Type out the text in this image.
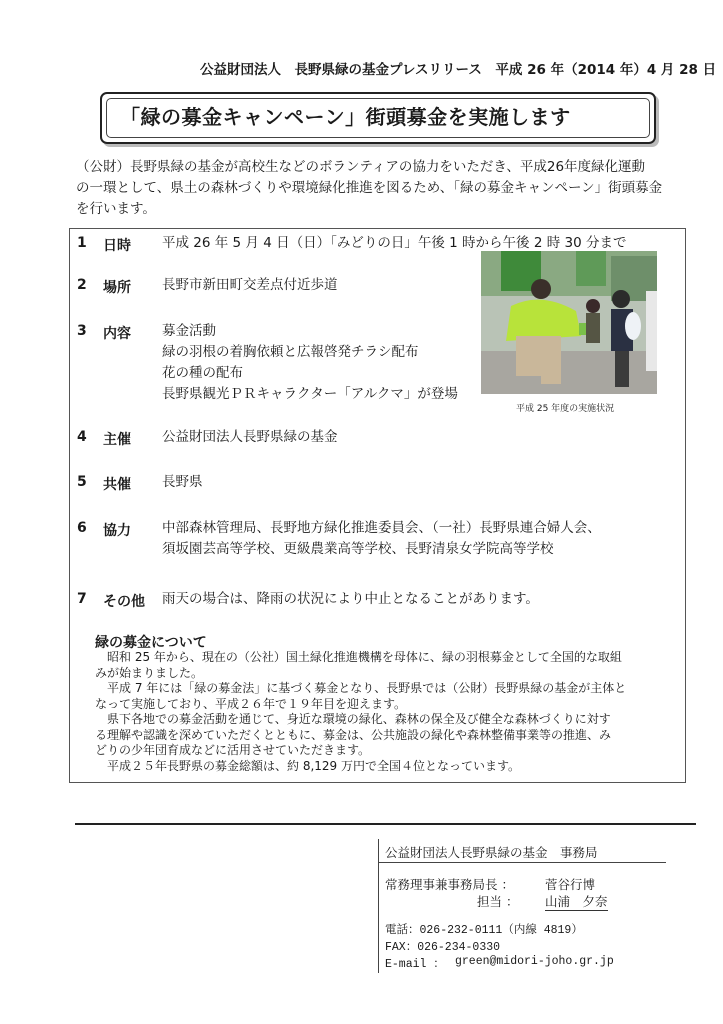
公益財団法人　長野県緑の基金プレスリリース　平成 26 年（2014 年）4 月 28 日
「緑の募金キャンペーン」街頭募金を実施します
（公財）長野県緑の基金が高校生などのボランティアの協力をいただき、平成26年度緑化運動
の一環として、県土の森林づくりや環境緑化推進を図るため、「緑の募金キャンペーン」街頭募金
を行います。
1 日時 平成 26 年 5 月 4 日（日）「みどりの日」午後 1 時から午後 2 時 30 分まで
2 場所 長野市新田町交差点付近歩道
3 内容 募金活動
緑の羽根の着胸依頼と広報啓発チラシ配布
花の種の配布
長野県観光ＰＲキャラクター「アルクマ」が登場
平成 25 年度の実施状況
4 主催 公益財団法人長野県緑の基金
5 共催 長野県
6 協力 中部森林管理局、長野地方緑化推進委員会、（一社）長野県連合婦人会、
須坂園芸高等学校、更級農業高等学校、長野清泉女学院高等学校
7 その他 雨天の場合は、降雨の状況により中止となることがあります。
緑の募金について
　昭和 25 年から、現在の（公社）国土緑化推進機構を母体に、緑の羽根募金として全国的な取組
みが始まりました。
　平成 7 年には「緑の募金法」に基づく募金となり、長野県では（公財）長野県緑の基金が主体と
なって実施しており、平成２６年で１９年目を迎えます。
　県下各地での募金活動を通じて、身近な環境の緑化、森林の保全及び健全な森林づくりに対す
る理解や認識を深めていただくとともに、募金は、公共施設の緑化や森林整備事業等の推進、み
どりの少年団育成などに活用させていただきます。
　平成２５年長野県の募金総額は、約 8,129 万円で全国４位となっています。
公益財団法人長野県緑の基金　事務局
常務理事兼事務局長 ： 菅谷行博
担当 ： 山浦　夕奈
電話：026-232-0111（内線 4819）
FAX：026-234-0330
E-mail ： green@midori-joho.gr.jp
